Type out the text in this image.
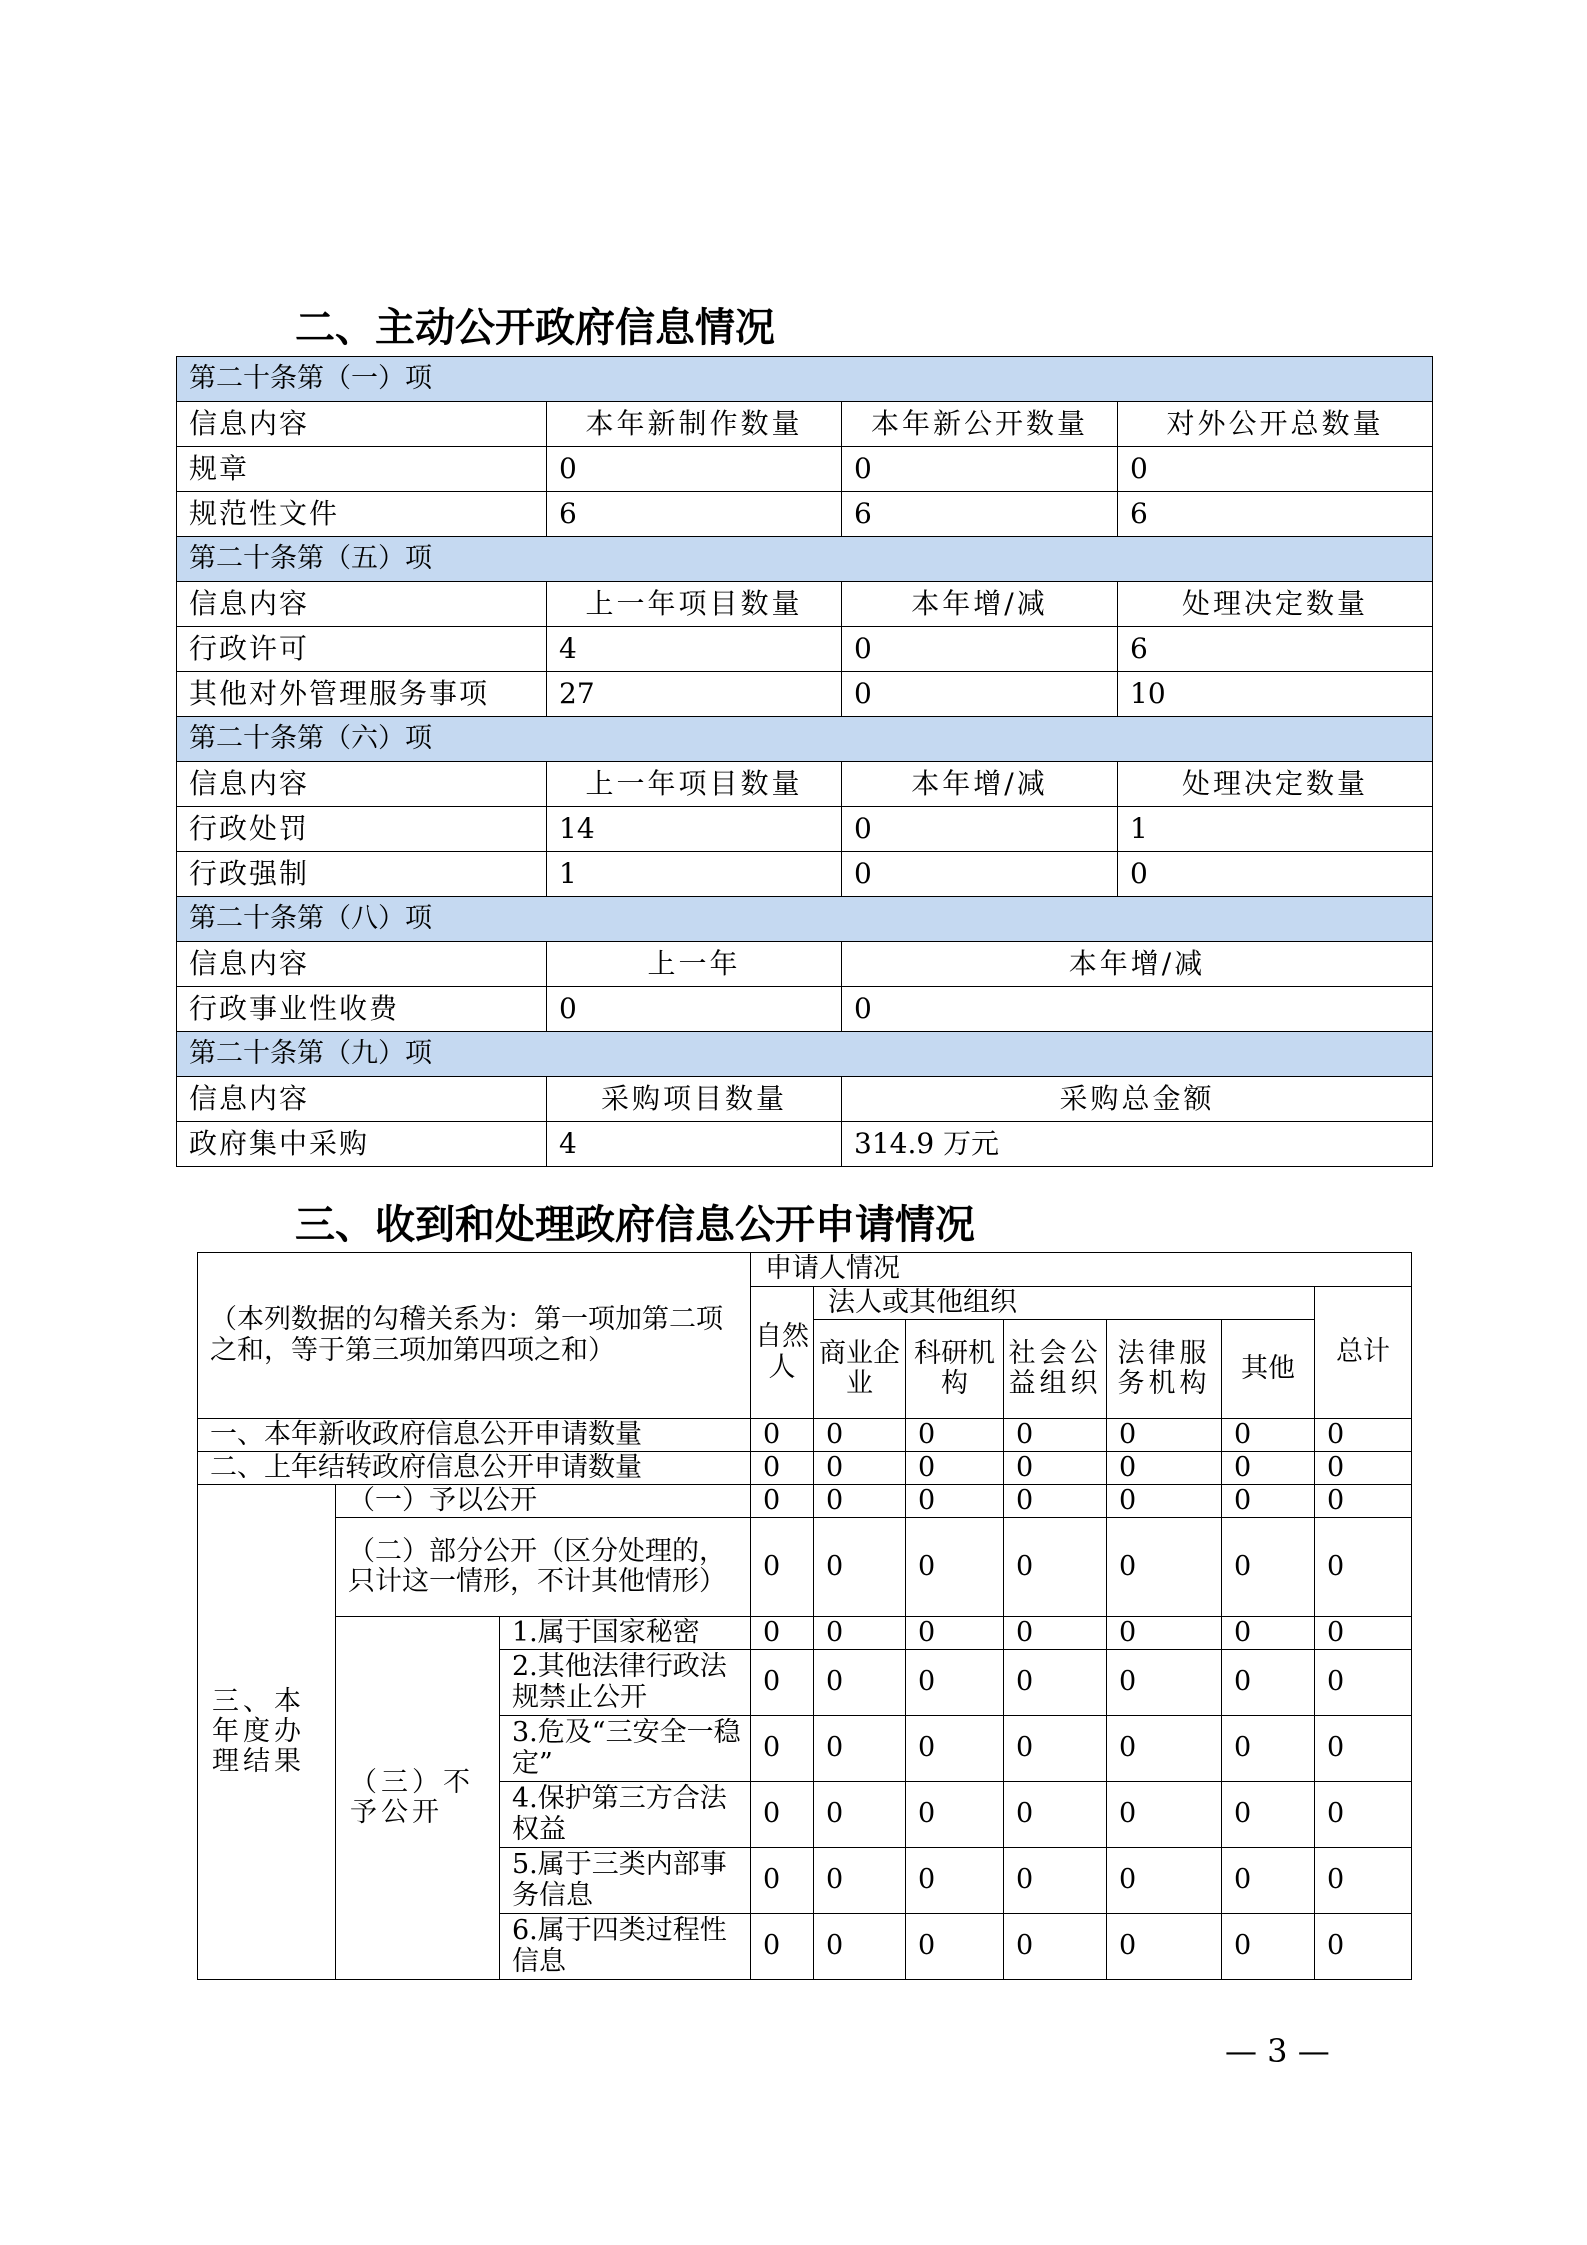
二、主动公开政府信息情况
第二十条第（一）项			
信息内容	本年新制作数量	本年新公开数量	对外公开总数量
规章	0	0	0
规范性文件	6	6	6
第二十条第（五）项			
信息内容	上一年项目数量	本年增/减	处理决定数量
行政许可	4	0	6
其他对外管理服务事项	27	0	10
第二十条第（六）项			
信息内容	上一年项目数量	本年增/减	处理决定数量
行政处罚	14	0	1
行政强制	1	0	0
第二十条第（八）项			
信息内容	上一年	本年增/减	
行政事业性收费	0	0	
第二十条第（九）项			
信息内容	采购项目数量	采购总金额	
政府集中采购	4	314.9 万元	
三、收到和处理政府信息公开申请情况
（本列数据的勾稽关系为：第一项加第二项之和，等于第三项加第四项之和）			申请人情况						
			自然人	法人或其他组织					总计
				商业企业	科研机构	社会公益组织	法律服务机构	其他	
一、本年新收政府信息公开申请数量			0	0	0	0	0	0	0
二、上年结转政府信息公开申请数量			0	0	0	0	0	0	0
三、本年度办理结果	（一）予以公开		0	0	0	0	0	0	0
	（二）部分公开（区分处理的，只计这一情形，不计其他情形）		0	0	0	0	0	0	0
	（三）不予公开	1.属于国家秘密	0	0	0	0	0	0	0
		2.其他法律行政法规禁止公开	0	0	0	0	0	0	0
		3.危及“三安全一稳定”	0	0	0	0	0	0	0
		4.保护第三方合法权益	0	0	0	0	0	0	0
		5.属于三类内部事务信息	0	0	0	0	0	0	0
		6.属于四类过程性信息	0	0	0	0	0	0	0
— 3 —
